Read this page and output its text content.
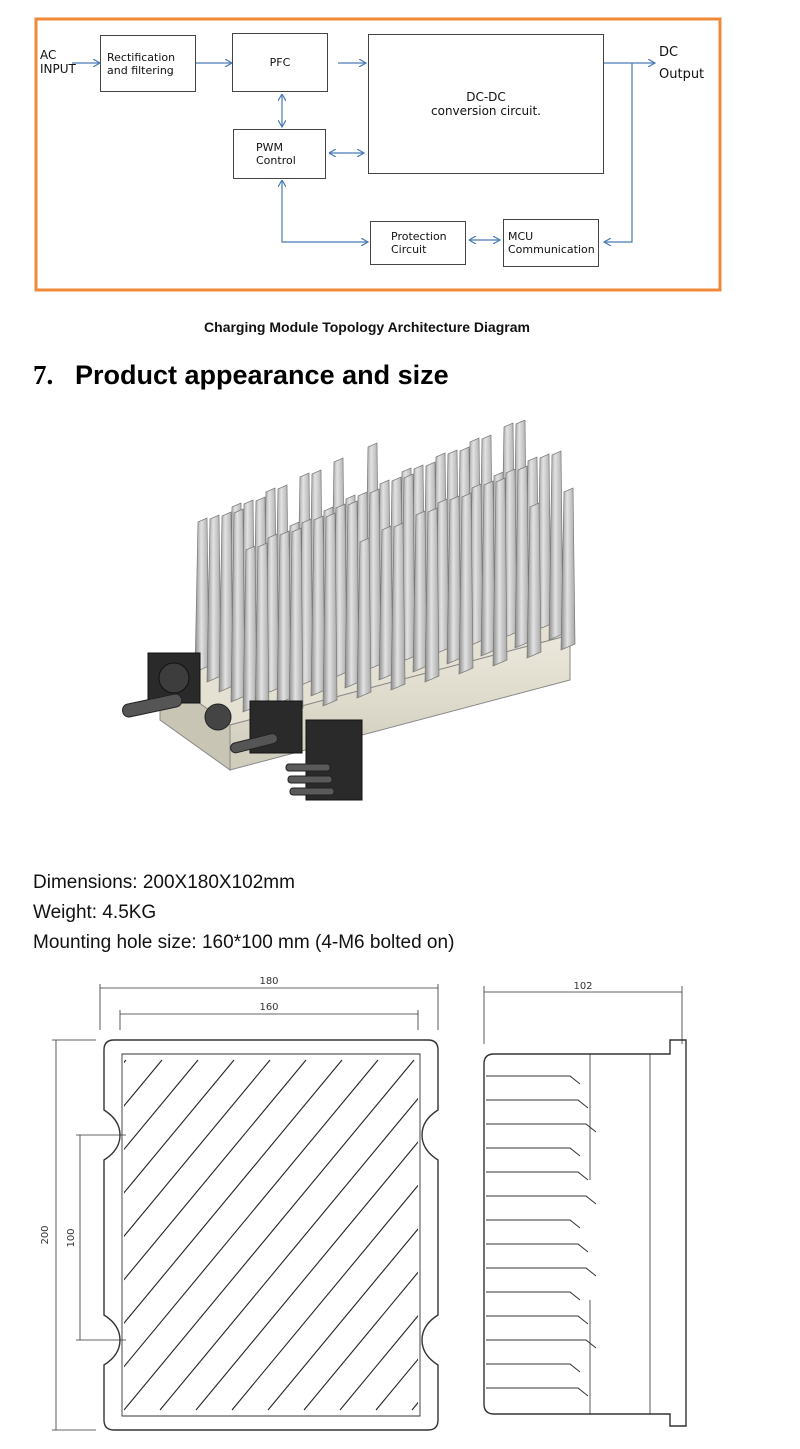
AC
INPUT
DC
Output
Rectification
and filtering
PFC
DC-DC
conversion circuit.
PWM
Control
Protection
Circuit
MCU
Communication
Charging Module Topology Architecture Diagram
7. Product appearance and size
Dimensions: 200X180X102mm
Weight: 4.5KG
Mounting hole size: 160*100 mm (4-M6 bolted on)
180
160
200 100
102
